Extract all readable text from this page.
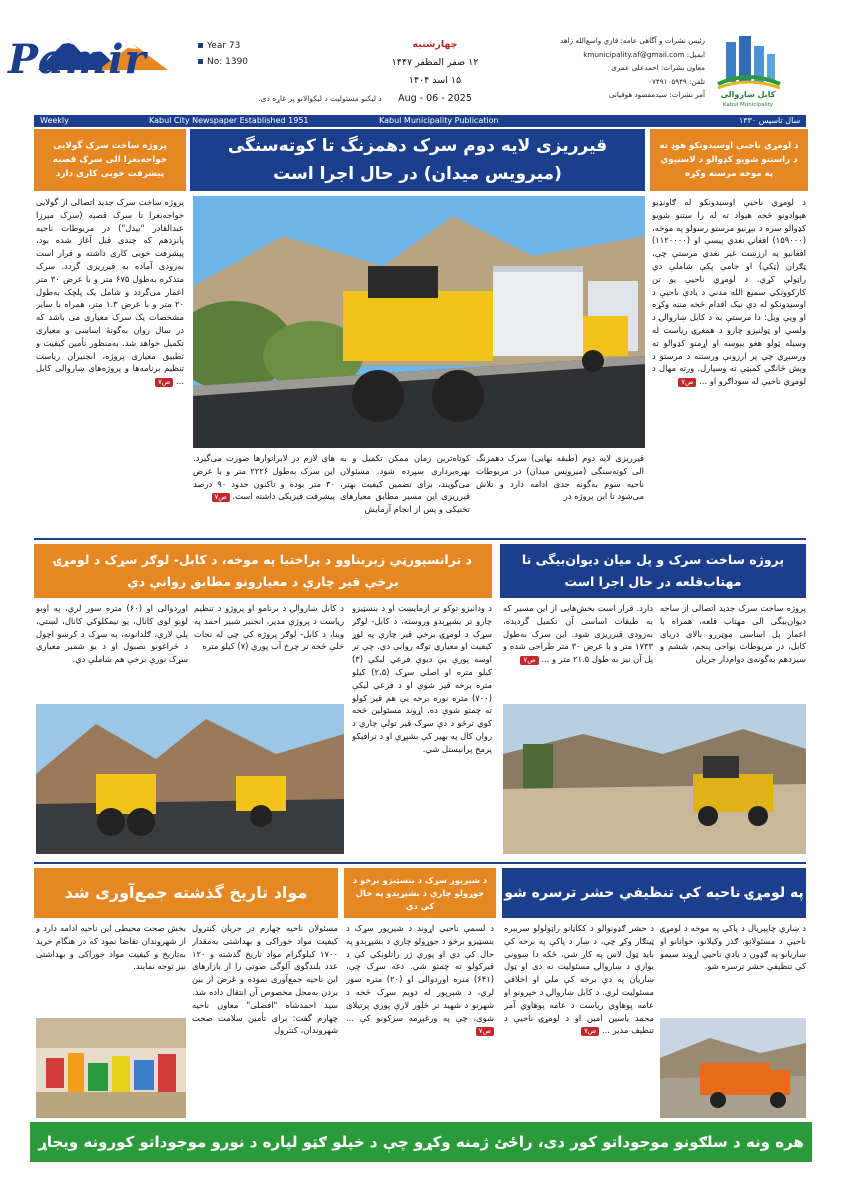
Pamir	Year 73
No: 1390
چهارشنبه
۱۲ صفر المظفر ۱۴۴۷
۱۵ اسد ۱۴۰۴
Aug - 06 - 2025
د لیکنو مسئولیت د لیکوالانو پر غاړه دی.
رئیس نشرات و آگاهی عامه: قاري واسع‌الله زاهد
ایمیل: kmunicipality.af@gmail.com
معاون نشرات: احمدعلی عمری
تلفن: ۰۷۴۹۱۰۵۹۴۹
آمر نشرات: سیدمقصود هوفیانی	کابل ښاروالی
Kabul Municipality
Weekly	Kabul City Newspaper Established 1951	Kabul Municipality Publication	سال تاسیس ۱۳۳۰
د لومړي ناحیې اوسیدونکو هوډ ته د راستنو شویو کډوالو د لاسنیوي په موخه مرسته وکړه
د لومړي ناحیې اوسیدونکو له ګاونډیو هېوادونو څخه هېواد ته له را ستنو شویو کډوالو سره د بېړنیو مرستو رسولو په موخه، (۱۵۹۰۰۰) افغانۍ نغدي پیسې او (۱۱۲۰۰۰۰) افغانیو په ارزښت غیر نغدي مرستې چې، ټګران (ټکي) او جامې پکې شاملې دي راټولې کړې. د لومړي ناحیې یو تن کارکوونکي سمیع الله مدني د یادې ناحیې د اوسیدونکو له دې نیک اقدام څخه مننه وکړه او ویې ویل: دا مرستې به د کابل ښاروالۍ د ولسي او ټولنیزو چارو د همغږۍ ریاست له وسیله ټولو هغو بېوسه او اړمنو کډوالو ته ورسیږي چې پر ارزونې ورستنه د مرستو د وېش څانګې کمېټې ته وسپارل. ورته مهال د لومړي ناحیې له سوداګرو او ... ص۷
قیرریزی لایه دوم سرک دهمزنگ تا کوته‌سنگی (میرویس میدان) در حال اجرا است
قیرریزی لایه دوم (طبقه نهایی) سرک دهمزنگ الی کوته‌سنگی (میرویس میدان) در مربوطات ناحیه سوم به‌گونه جدی ادامه دارد و تلاش می‌شود تا این پروژه در
کوتاه‌ترین زمان ممکن تکمیل و به بهره‌برداری سپرده شود. مسئولان می‌گویند، برای تضمین کیفیت بهتر، قیرریزی این مسیر مطابق معیارهای تخنیکی و پس از انجام آزمایش
های لازم در لابراتوارها صورت می‌گیرد. این سرک به‌طول ۲۲۲۶ متر و با عرض ۳۰ متر بوده و تاکنون حدود ۹۰ درصد پیشرفت فیزیکی داشته است. ص۷
پروژه ساخت سرک گولایی خواجه‌بغرا الی سرک قصبه پیشرفت خوبی کاری دارد
پروژه ساخت سرک جدید اتصالی از گولایی خواجه‌بغرا تا سرک قصبه (سرک میرزا عبدالقادر "بیدل") در مربوطات ناحیه پانزدهم که چندی قبل آغاز شده بود، پیشرفت خوبی کاری داشته و قرار است به‌زودی آماده به قیرریزی گردد. سرک متذکره به‌طول ۶۷۵ متر و با عرض ۳۰ متر اعمار می‌گردد و شامل یک پلچک به‌طول ۲۰ متر و با عرض ۱.۳ متر، همراه با سایر مشخصات یک سرک معیاری می باشد که در سال روان به‌گونهٔ اساسی و معیاری تکمیل خواهد شد. به‌منظور تأمین کیفیت و تطبیق معیاری پروژه، انجنیران ریاست تنظیم برنامه‌ها و پروژه‌های ښاروالی کابل ... ص۷
د ترانسپورټي زېربناوو د پراختیا په موخه، د کابل- لوګر سړک د لومړۍ برخې قیر چارې د معیارونو مطابق روانې دي
د ودانیزو توکو تر ازمایښت او د بنسټیزو چارو تر بشپړېدو وروسته، د کابل- لوګر سړک د لومړۍ برخې قیر چارې په لوړ کیفیت او معیاري توګه روانې دي. چې تر اوسه پورې یې دیوې فرعي لیکې (۳) کیلو متره او اصلي سړک (۲،۵) کیلو متره برخه قیر شوې او د فرعي لیکې (۷۰۰) متره نوره برخه یې هم قیر کولو ته چمتو شوې ده. اړوند مسئولین څخه کوي ترڅو د دې سړک قیر تولې چارې د روان کال په بهیر کې بشپړې او د ترافیکو پرمخ پرانیستل شي.
د کابل ښاروالۍ د برنامو او پروژو د تنظیم ریاست د پروژې مدیر، انجنیر شبیر احمد په وینا، د کابل- لوګر پروژه کې چې له نجات خلې څخه تر چرخ آب پورې (۷) کیلو متره
اوږدوالی او (۶۰) متره سور لري، په اوبو لوبو لوی کانال، یو نیمکلوکي کانال، لښتي، پلې لارې، ګلدانونه، په سړک د کرښو اچول د څراغونو نصبول او د یو شمیر معیاري سړک نورې برخې هم شاملې دي.
پروژه ساخت سرک و پل میان دیوان‌بیگی تا مهتاب‌قلعه در حال اجرا است
پروژه ساخت سرک جدید اتصالی از ساحه دیوان‌بیگی الی مهتاب قلعه، همراه با اعمار پل اساسی موټررو بالای دریای کابل، در مربوطات نواحی پنجم، ششم و سیزدهم به‌گونه‌ی دوام‌دار جریان
دارد. قرار است بخش‌هایی از این مسیر که به طبقات اساسی آن تکمیل گردیده، به‌زودی قیرریزی شود. این سرک به‌طول ۱۷۳۳ متر و با عرض ۳۰ متر طراحی شده و پل آن نیز به طول ۲۱.۵ متر و ... ص۷
مواد تاریخ گذشته جمع‌آوری شد
بخش صحت محیطی این ناحیه ادامه دارد و از شهروندان تقاضا نمود که در هنگام خرید به‌تاریخ و کیفیت مواد خوراکی و بهداشتی نیز توجه نمایند.
مسئولان ناحیه چهارم در جریان کنترول کیفیت مواد خوراکی و بهداشتی به‌مقدار ۱۷۰۰ کیلوگرام مواد تاریخ گذشته و ۱۲۰ عدد بلندگوی آلوگی صوتی را از بازارهای این ناحیه جمع‌آوری نموده و غرض از بین بردن به‌محل مخصوص آن انتقال داده شد. سید احمدشاه "افضلی" معاون ناحیه چهارم گفت: برای تأمین سلامت صحت شهروندان، کنترول
د شېرپور سړک د بنسټیزو برخو د جوړولو چارې د بشپړېدو په حال کې دي
د لسمې ناحیې اړوند د شېرپور سړک د بنسټیزو برخو د جوړولو چارې د بشپړېدو په حال کې دي او پورې ژر راتلونکي کې د قیرکولو ته چمتو شي. دغه سړک چې، (۶۴۱) متره اوږدوالی او (۲۰) متره سور لري، د شېرپور له دویم سړک څخه د شهرنو د شهید تر څلور لارې پورې پرتیلای شوی، چې په ورغېږمه سرکونو کې ... ص۷
په لومړۍ ناحیه کې تنظیفي حشر ترسره شو
د ښاري چاپېریال د پاکې په موخه د لومړۍ ناحیې د مسئولانو، ګذر وکیلانو، خوانانو او ښاریانو په ګډون د یادې ناحیې اړوند سیمو کې تنظیفي حشر ترسره شو.
د حشر ګډونوالو د ککاڼانو راټولولو سربېره ټینګار وکړ چې، د ښار د پاکې په برخه کې باید ټول لاس په کار شي، ځکه دا ښوونې یوازې د ښاروالۍ مسئولیت نه دی او ټول ښاریان په دې برخه کې ملي او اخلاقي مسئولیت لري. د کابل ښاروالۍ د خپرونو او عامه پوهاوي ریاست د عامه پوهاوي آمر محمد یاسین امین او د لومړۍ ناحیې د تنظیف مدیر ... ص۷
هره ونه د سلګونو موجوداتو کور دی، راځئ ژمنه وکړو چې د خپلو ګټو لپاره د نورو موجوداتو کورونه ویجاړ نه کړو!
